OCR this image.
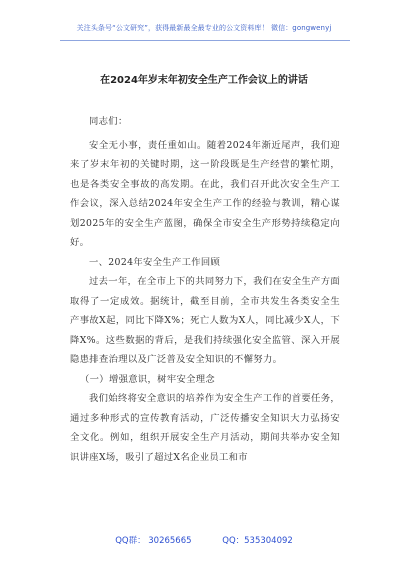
关注头条号“公文研究”，获得最新最全最专业的公文资料库！ 微信：gongwenyj
在2024年岁末年初安全生产工作会议上的讲话

同志们：

安全无小事，责任重如山。随着2024年渐近尾声，我们迎来了岁末年初的关键时期，这一阶段既是生产经营的繁忙期，也是各类安全事故的高发期。在此，我们召开此次安全生产工作会议，深入总结2024年安全生产工作的经验与教训，精心谋划2025年的安全生产蓝图，确保全市安全生产形势持续稳定向好。

一、2024年安全生产工作回顾

过去一年，在全市上下的共同努力下，我们在安全生产方面取得了一定成效。据统计，截至目前，全市共发生各类安全生产事故X起，同比下降X%；死亡人数为X人，同比减少X人，下降X%。这些数据的背后，是我们持续强化安全监管、深入开展隐患排查治理以及广泛普及安全知识的不懈努力。

（一）增强意识，树牢安全理念

我们始终将安全意识的培养作为安全生产工作的首要任务，通过多种形式的宣传教育活动，广泛传播安全知识大力弘扬安全文化。例如，组织开展安全生产月活动，期间共举办安全知识讲座X场，吸引了超过X名企业员工和市

QQ群： 30265665	QQ：535304092
